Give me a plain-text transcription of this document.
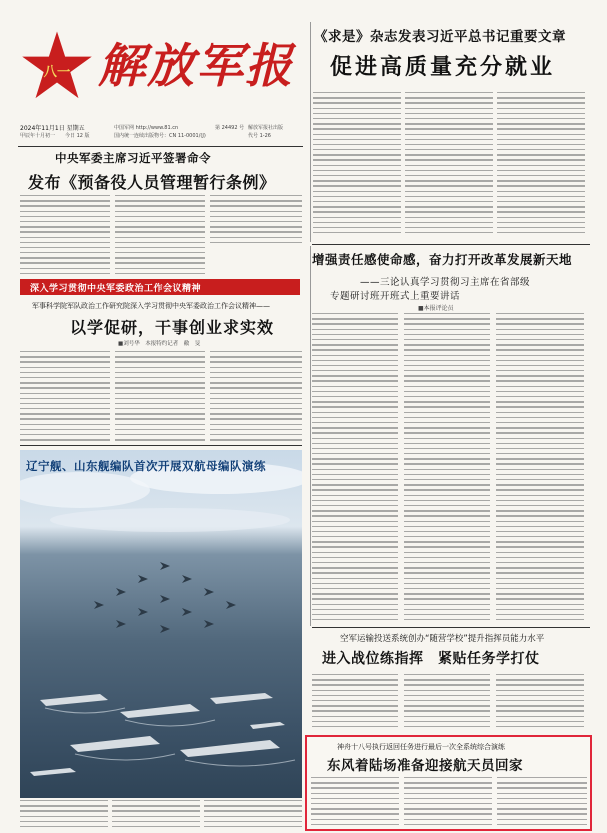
八一 解放军报
2024年11月1日 星期五
甲辰年十月初一 今日 12 版
中国军网 http://www.81.cn
国内统一连续出版物号：CN 11-0001/(J)
第 24492 号 解放军报社出版
代号 1-26
《求是》杂志发表习近平总书记重要文章
促进高质量充分就业
中央军委主席习近平签署命令
发布《预备役人员管理暂行条例》
深入学习贯彻中央军委政治工作会议精神
军事科学院军队政治工作研究院深入学习贯彻中央军委政治工作会议精神——
以学促研，干事创业求实效
■刘号华　本报特约记者　敝　旻
增强责任感使命感，奋力打开改革发展新天地
——三论认真学习贯彻习主席在省部级
专题研讨班开班式上重要讲话
■本报评论员
辽宁舰、山东舰编队首次开展双航母编队演练
空军运输投送系统创办“随营学校”提升指挥员能力水平
进入战位练指挥　紧贴任务学打仗
神舟十八号执行返回任务进行最后一次全系统综合演练
东风着陆场准备迎接航天员回家
